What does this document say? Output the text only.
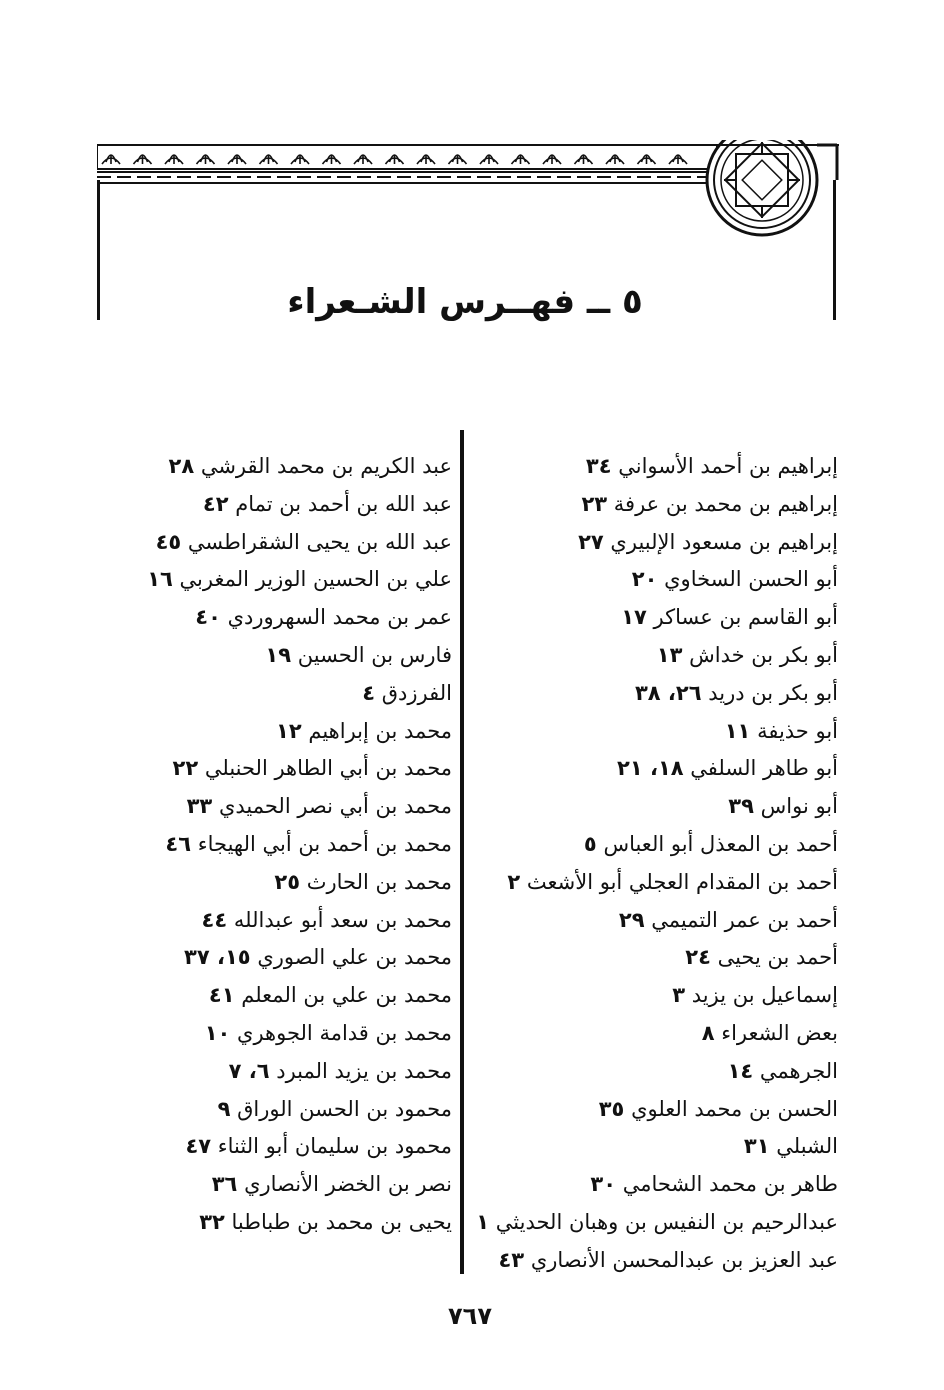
٥ ــ فهــرس الشـعراء
إبراهيم بن أحمد الأسواني ٣٤
إبراهيم بن محمد بن عرفة ٢٣
إبراهيم بن مسعود الإلبيري ٢٧
أبو الحسن السخاوي ٢٠
أبو القاسم بن عساكر ١٧
أبو بكر بن خداش ١٣
أبو بكر بن دريد ٢٦، ٣٨
أبو حذيفة ١١
أبو طاهر السلفي ١٨، ٢١
أبو نواس ٣٩
أحمد بن المعذل أبو العباس ٥
أحمد بن المقدام العجلي أبو الأشعث ٢
أحمد بن عمر التميمي ٢٩
أحمد بن يحيى ٢٤
إسماعيل بن يزيد ٣
بعض الشعراء ٨
الجرهمي ١٤
الحسن بن محمد العلوي ٣٥
الشبلي ٣١
طاهر بن محمد الشحامي ٣٠
عبدالرحيم بن النفيس بن وهبان الحديثي ١
عبد العزيز بن عبدالمحسن الأنصاري ٤٣
عبد الكريم بن محمد القرشي ٢٨
عبد الله بن أحمد بن تمام ٤٢
عبد الله بن يحيى الشقراطسي ٤٥
علي بن الحسين الوزير المغربي ١٦
عمر بن محمد السهروردي ٤٠
فارس بن الحسين ١٩
الفرزدق ٤
محمد بن إبراهيم ١٢
محمد بن أبي الطاهر الحنبلي ٢٢
محمد بن أبي نصر الحميدي ٣٣
محمد بن أحمد بن أبي الهيجاء ٤٦
محمد بن الحارث ٢٥
محمد بن سعد أبو عبدالله ٤٤
محمد بن علي الصوري ١٥، ٣٧
محمد بن علي بن المعلم ٤١
محمد بن قدامة الجوهري ١٠
محمد بن يزيد المبرد ٦، ٧
محمود بن الحسن الوراق ٩
محمود بن سليمان أبو الثناء ٤٧
نصر بن الخضر الأنصاري ٣٦
يحيى بن محمد بن طباطبا ٣٢
٧٦٧
